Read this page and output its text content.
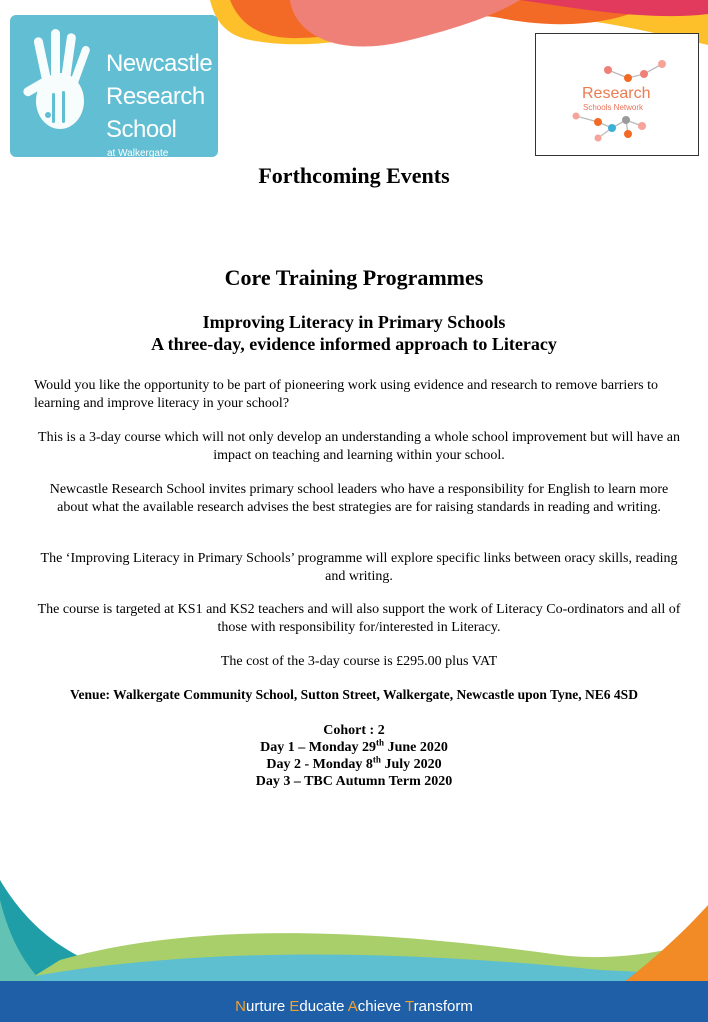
Newcastle
Research
School
at Walkergate
Research
Schools Network
Forthcoming Events
Core Training Programmes
Improving Literacy in Primary Schools
A three-day, evidence informed approach to Literacy
Would you like the opportunity to be part of pioneering work using evidence and research to remove barriers to learning and improve literacy in your school?
This is a 3-day course which will not only develop an understanding a whole school improvement but will have an impact on teaching and learning within your school.
Newcastle Research School invites primary school leaders who have a responsibility for English to learn more about what the available research advises the best strategies are for raising standards in reading and writing.
The ‘Improving Literacy in Primary Schools’ programme will explore specific links between oracy skills, reading and writing.
The course is targeted at KS1 and KS2 teachers and will also support the work of Literacy Co-ordinators and all of those with responsibility for/interested in Literacy.
The cost of the 3-day course is £295.00 plus VAT
Venue: Walkergate Community School, Sutton Street, Walkergate, Newcastle upon Tyne, NE6 4SD
Cohort : 2
Day 1 – Monday 29th June 2020
Day 2 - Monday 8th July 2020
Day 3 – TBC Autumn Term 2020
Nurture Educate Achieve Transform
